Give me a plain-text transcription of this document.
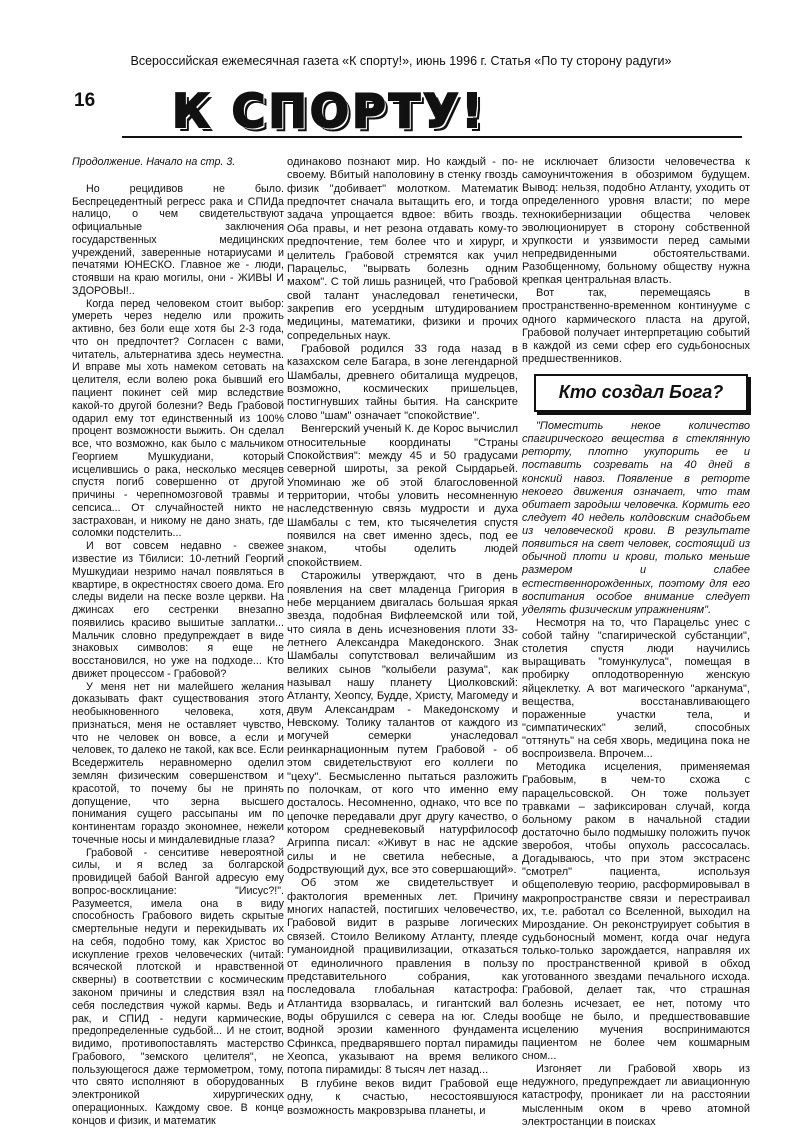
Всероссийская ежемесячная газета «К спорту!», июнь 1996 г. Статья «По ту сторону радуги»
16	К СПОРТУ!

Продолжение. Начало на стр. 3.

Но рецидивов не было. Беспрецедентный регресс рака и СПИДа налицо, о чем свидетельствуют официальные заключения государственных медицинских учреждений, заверенные нотариусами и печатями ЮНЕСКО. Главное же - люди, стоявши на краю могилы, они - ЖИВЫ И ЗДОРОВЫ!..

Когда перед человеком стоит выбор: умереть через неделю или прожить активно, без боли еще хотя бы 2-3 года, что он предпочтет? Согласен с вами, читатель, альтернатива здесь неуместна. И вправе мы хоть намеком сетовать на целителя, если волею рока бывший его пациент покинет сей мир вследствие какой-то другой болезни? Ведь Грабовой одарил ему тот единственный из 100% процент возможности выжить. Он сделал все, что возможно, как было с мальчиком Георгием Мушкудиани, который исцелившись о рака, несколько месяцев спустя погиб совершенно от другой причины - черепномозговой травмы и сепсиса... От случайностей никто не застрахован, и никому не дано знать, где соломки подстелить...

И вот совсем недавно - свежее известие из Тбилиси: 10-летний Георгий Мушкудиаи незримо начал появляться в квартире, в окрестностях своего дома. Его следы видели на песке возле церкви. На джинсах его сестренки внезапно появились красиво вышитые заплатки... Мальчик словно предупреждает в виде знаковых символов: я еще не восстановился, но уже на подходе... Кто движет процессом - Грабовой?

У меня нет ни малейшего желания доказывать факт существования этого необыкновенного человека, хотя, признаться, меня не оставляет чувство, что не человек он вовсе, а если и человек, то далеко не такой, как все. Если Вседержитель неравномерно оделил землян физическим совершенством и красотой, то почему бы не принять допущение, что зерна высшего понимания сущего рассыпаны им по континентам гораздо экономнее, нежели точечные носы и миндалевидные глаза?

Грабовой - сенситиве невероятной силы, и я вслед за болгарской провидицей бабой Вангой адресую ему вопрос-восклицание: "Иисус?!". Разумеется, имела она в виду способность Грабового видеть скрытые смертельные недуги и перекидывать их на себя, подобно тому, как Христос во искупление грехов человеческих (читай: всяческой плотской и нравственной скверны) в соответствии с космическим законом причины и следствия взял на себя последствия чужой кармы. Ведь и рак, и СПИД - недуги кармические, предопределенные судьбой... И не стоит, видимо, противопоставлять мастерство Грабового, "земского целителя", не пользующегося даже термометром, тому, что свято исполняют в оборудованных электроникой хирургических операционных. Каждому свое. В конце концов и физик, и математик

одинаково познают мир. Но каждый - по-своему. Вбитый наполовину в стенку гвоздь физик "добивает" молотком. Математик предпочтет сначала вытащить его, и тогда задача упрощается вдвое: вбить гвоздь. Оба правы, и нет резона отдавать кому-то предпочтение, тем более что и хирург, и целитель Грабовой стремятся как учил Парацельс, "вырвать болезнь одним махом". С той лишь разницей, что Грабовой свой талант унаследовал генетически, закрепив его усердным штудированием медицины, математики, физики и прочих сопредельных наук.

Грабовой родился 33 года назад в казахском селе Багара, в зоне легендарной Шамбалы, древнего обиталища мудрецов, возможно, космических пришельцев, постигнувших тайны бытия. На санскрите слово "шам" означает "спокойствие".

Венгерский ученый К. де Корос вычислил относительные координаты "Страны Спокойствия": между 45 и 50 градусами северной широты, за рекой Сырдарьей. Упоминаю же об этой благословенной территории, чтобы уловить несомненную наследственную связь мудрости и духа Шамбалы с тем, кто тысячелетия спустя появился на свет именно здесь, под ее знаком, чтобы оделить людей спокойствием.

Старожилы утверждают, что в день появления на свет младенца Григория в небе мерцанием двигалась большая яркая звезда, подобная Вифлеемской или той, что сияла в день исчезновения плоти 33-летнего Александра Македонского. Знак Шамбалы сопутствовал величайшим из великих сынов "колыбели разума", как называл нашу планету Циолковский: Атланту, Хеопсу, Будде, Христу, Магомеду и двум Александрам - Македонскому и Невскому. Толику талантов от каждого из могучей семерки унаследовал реинкарнационным путем Грабовой - об этом свидетельствуют его коллеги по "цеху". Бесмысленно пытаться разложить по полочкам, от кого что именно ему досталось. Несомненно, однако, что все по цепочке передавали друг другу качество, о котором средневековый натурфилософ Агриппа писал: «Живут в нас не адские силы и не светила небесные, а бодрствующий дух, все это совершающий».

Об этом же свидетельствует и фактология временных лет. Причину многих напастей, постигших человечество, Грабовой видит в разрыве логических связей. Стоило Великому Атланту, плеяде гуманоидной працивилизации, отказаться от единоличного правления в пользу представительного собрания, как последовала глобальная катастрофа: Атлантида взорвалась, и гигантский вал воды обрушился с севера на юг. Следы водной эрозии каменного фундамента Сфинкса, предварявшего портал пирамиды Хеопса, указывают на время великого потопа пирамиды: 8 тысяч лет назад...

В глубине веков видит Грабовой еще одну, к счастью, несостоявшуюся возможность макровзрыва планеты, и

не исключает близости человечества к самоуничтожения в обозримом будущем. Вывод: нельзя, подобно Атланту, уходить от определенного уровня власти; по мере технокибернизации общества человек эволюционирует в сторону собственной хрупкости и уязвимости перед самыми непредвиденными обстоятельствами. Разобщенному, больному обществу нужна крепкая центральная власть.

Вот так, перемещаясь в пространственно-временном континууме с одного кармического пласта на другой, Грабовой получает интерпретацию событий в каждой из семи сфер его судьбоносных предшественников.

Кто создал Бога?

"Поместить некое количество спагирического вещества в стеклянную реторту, плотно укупорить ее и поставить созревать на 40 дней в конский навоз. Появление в реторте некоего движения означает, что там обитает зародыш человечка. Кормить его следует 40 недель колдовским снадобьем из человеческой крови. В результате появиться на свет человек, состоящий из обычной плоти и крови, только меньше размером и слабее естественнорожденных, поэтому для его воспитания особое внимание следует уделять физическим упражнениям".

Несмотря на то, что Парацельс унес с собой тайну "спагирической субстанции", столетия спустя люди научились выращивать "гомункулуса", помещая в пробирку оплодотворенную женскую яйцеклетку. А вот магического "арканума", вещества, восстанавливающего пораженные участки тела, и "симпатических" зелий, способных "оттянуть" на себя хворь, медицина пока не воспроизвела. Впрочем...

Методика исцеления, применяемая Грабовым, в чем-то схожа с парацельсовской. Он тоже пользует травками – зафиксирован случай, когда больному раком в начальной стадии достаточно было подмышку положить пучок зверобоя, чтобы опухоль рассосалась. Догадываюсь, что при этом экстрасенс "смотрел" пациента, используя общеполевую теорию, расформировывал в макропространстве связи и перестраивал их, т.е. работал со Вселенной, выходил на Мироздание. Он реконструирует события в судьбоносный момент, когда очаг недуга только-только зарождается, направляя их по пространственной кривой в обход уготованного звездами печального исхода. Грабовой, делает так, что страшная болезнь исчезает, ее нет, потому что вообще не было, и предшествовавшие исцелению мучения воспринимаются пациентом не более чем кошмарным сном...

Изгоняет ли Грабовой хворь из недужного, предупреждает ли авиационную катастрофу, проникает ли на расстоянии мысленным оком в чрево атомной электростанции в поисках
